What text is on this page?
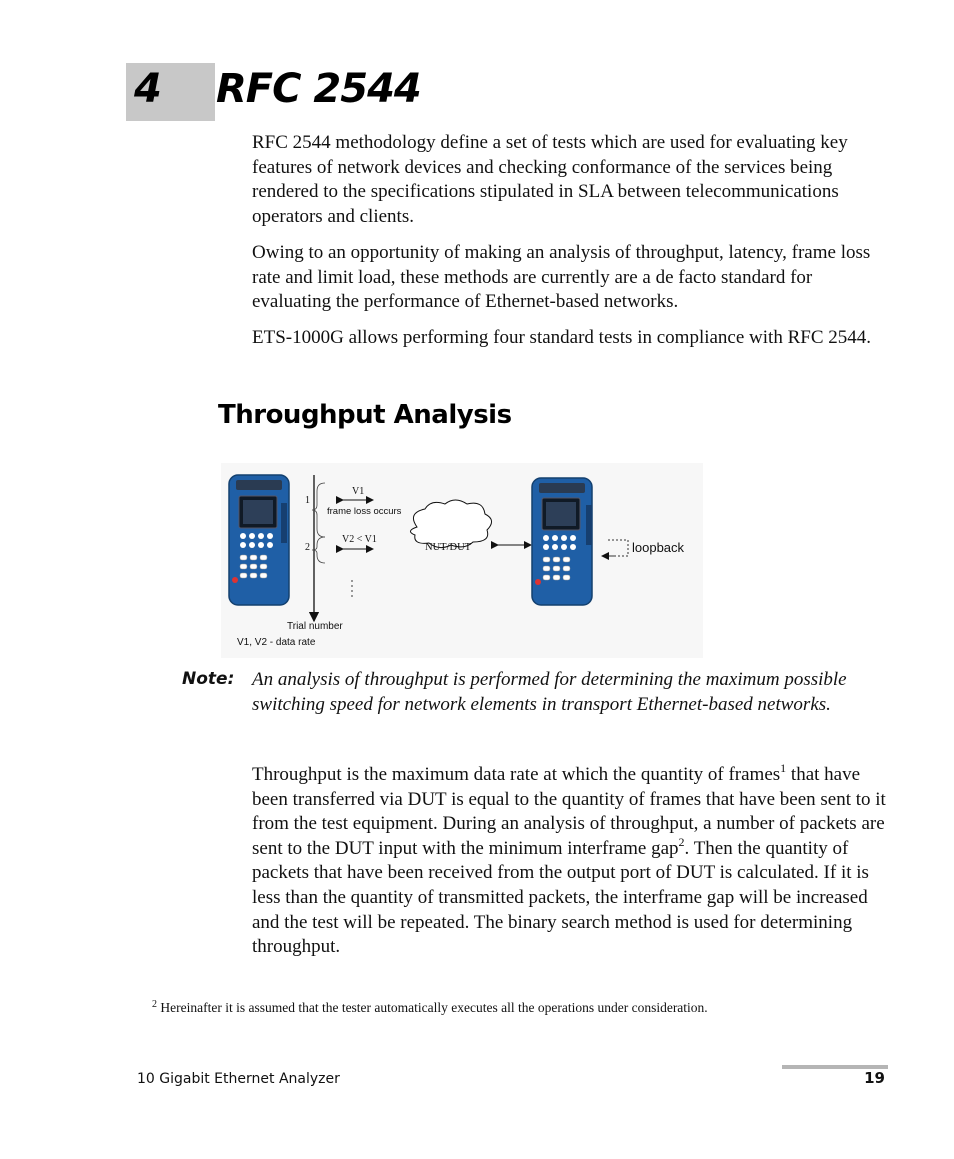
4 RFC 2544

RFC 2544 methodology define a set of tests which are used for evaluating key features of network devices and checking conformance of the services being rendered to the specifications stipulated in SLA between telecommunications operators and clients.

Owing to an opportunity of making an analysis of throughput, latency, frame loss rate and limit load, these methods are currently are a de facto standard for evaluating the performance of Ethernet-based networks.

ETS-1000G allows performing four standard tests in compliance with RFC 2544.

Throughput Analysis
1
2
V1
frame loss occurs
V2 < V1
NUT/DUT	loopback
Trial number
V1, V2 - data rate
Note: An analysis of throughput is performed for determining the maximum possible switching speed for network elements in transport Ethernet-based networks.

Throughput is the maximum data rate at which the quantity of frames$^1$ that have been transferred via DUT is equal to the quantity of frames that have been sent to it from the test equipment. During an analysis of throughput, a number of packets are sent to the DUT input with the minimum interframe gap$^2$. Then the quantity of packets that have been received from the output port of DUT is calculated. If it is less than the quantity of transmitted packets, the interframe gap will be increased and the test will be repeated. The binary search method is used for determining throughput.

$^2$ Hereinafter it is assumed that the tester automatically executes all the operations under consideration.
10 Gigabit Ethernet Analyzer	19
